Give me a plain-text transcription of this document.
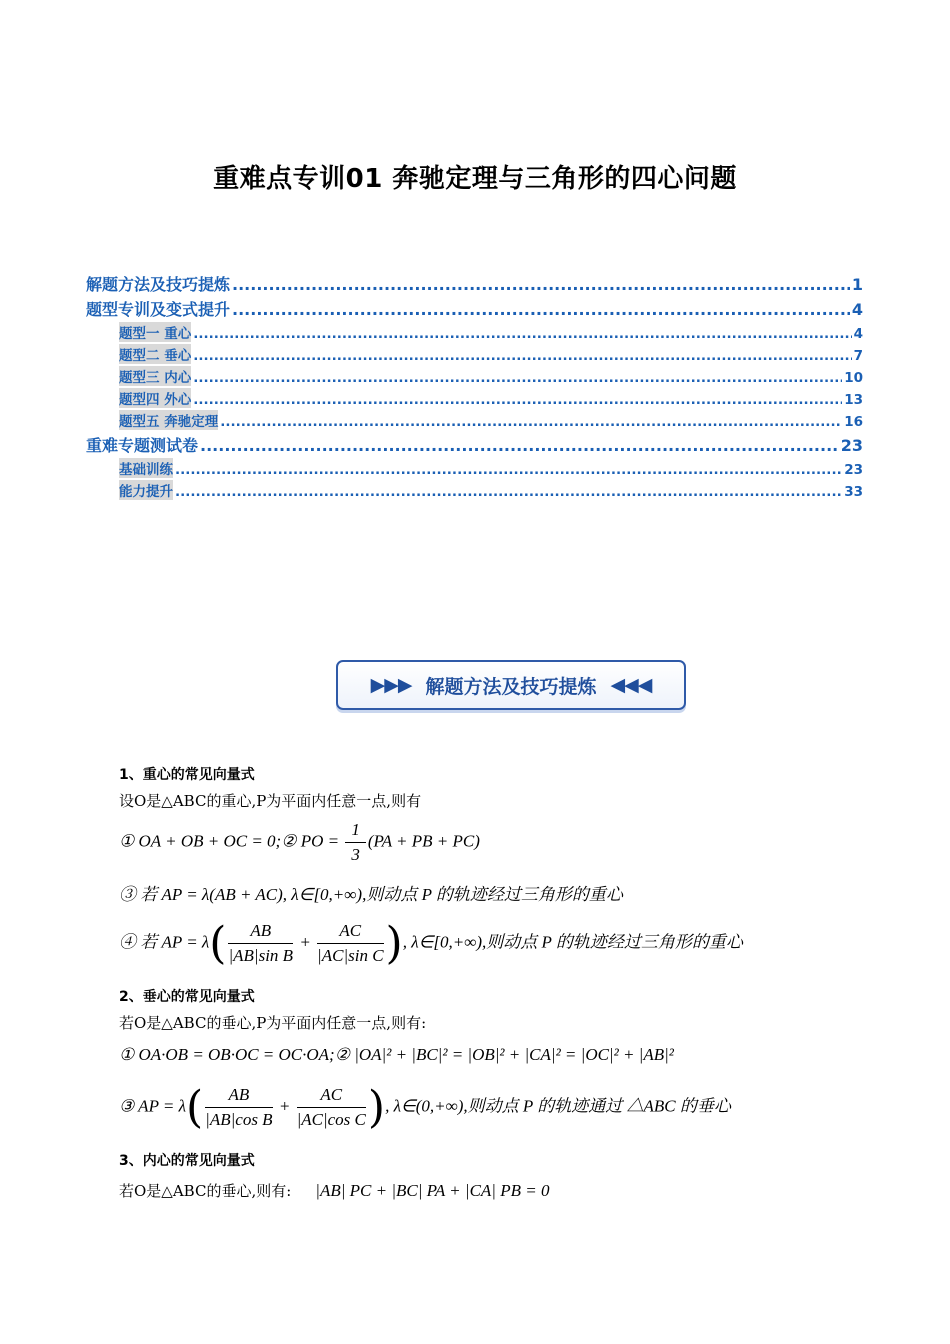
重难点专训01 奔驰定理与三角形的四心问题
解题方法及技巧提炼 .....	1
题型专训及变式提升 .....	4
题型一 重心 .....	4
题型二 垂心 .....	7
题型三 内心 .....	10
题型四 外心 .....	13
题型五 奔驰定理 .....	16
重难专题测试卷 .....	23
基础训练 .....	23
能力提升 .....	33
▶▶▶ 解题方法及技巧提炼 ◀◀◀
1、重心的常见向量式
设O是△ABC的重心,P为平面内任意一点,则有
① OA + OB + OC = 0;② PO = $\frac{1}{3} (PA$ + PB + PC)
③ 若 AP = λ(AB + AC), λ∈[0,+∞),则动点 P 的轨迹经过三角形的重心
④ 若 AP = $\lambda( \frac{AB}{\text{|AB|sin B}} + \frac{AC}{\text{|AC|sin C}}$ ), λ∈[0,+∞),则动点 P 的轨迹经过三角形的重心
2、垂心的常见向量式
若O是△ABC的垂心,P为平面内任意一点,则有:
① OA·OB = OB·OC = OC·OA;② |OA|² + |BC|² = |OB|² + |CA|² = |OC|² + |AB|²
③ AP = $\lambda( \frac{AB}{\text{|AB|cos B}} + \frac{AC}{\text{|AC|cos C}}$ ), λ∈(0,+∞),则动点 P 的轨迹通过 △ABC 的垂心
3、内心的常见向量式
若O是△ABC的垂心,则有: |AB| PC + |BC| PA + |CA| PB = 0
